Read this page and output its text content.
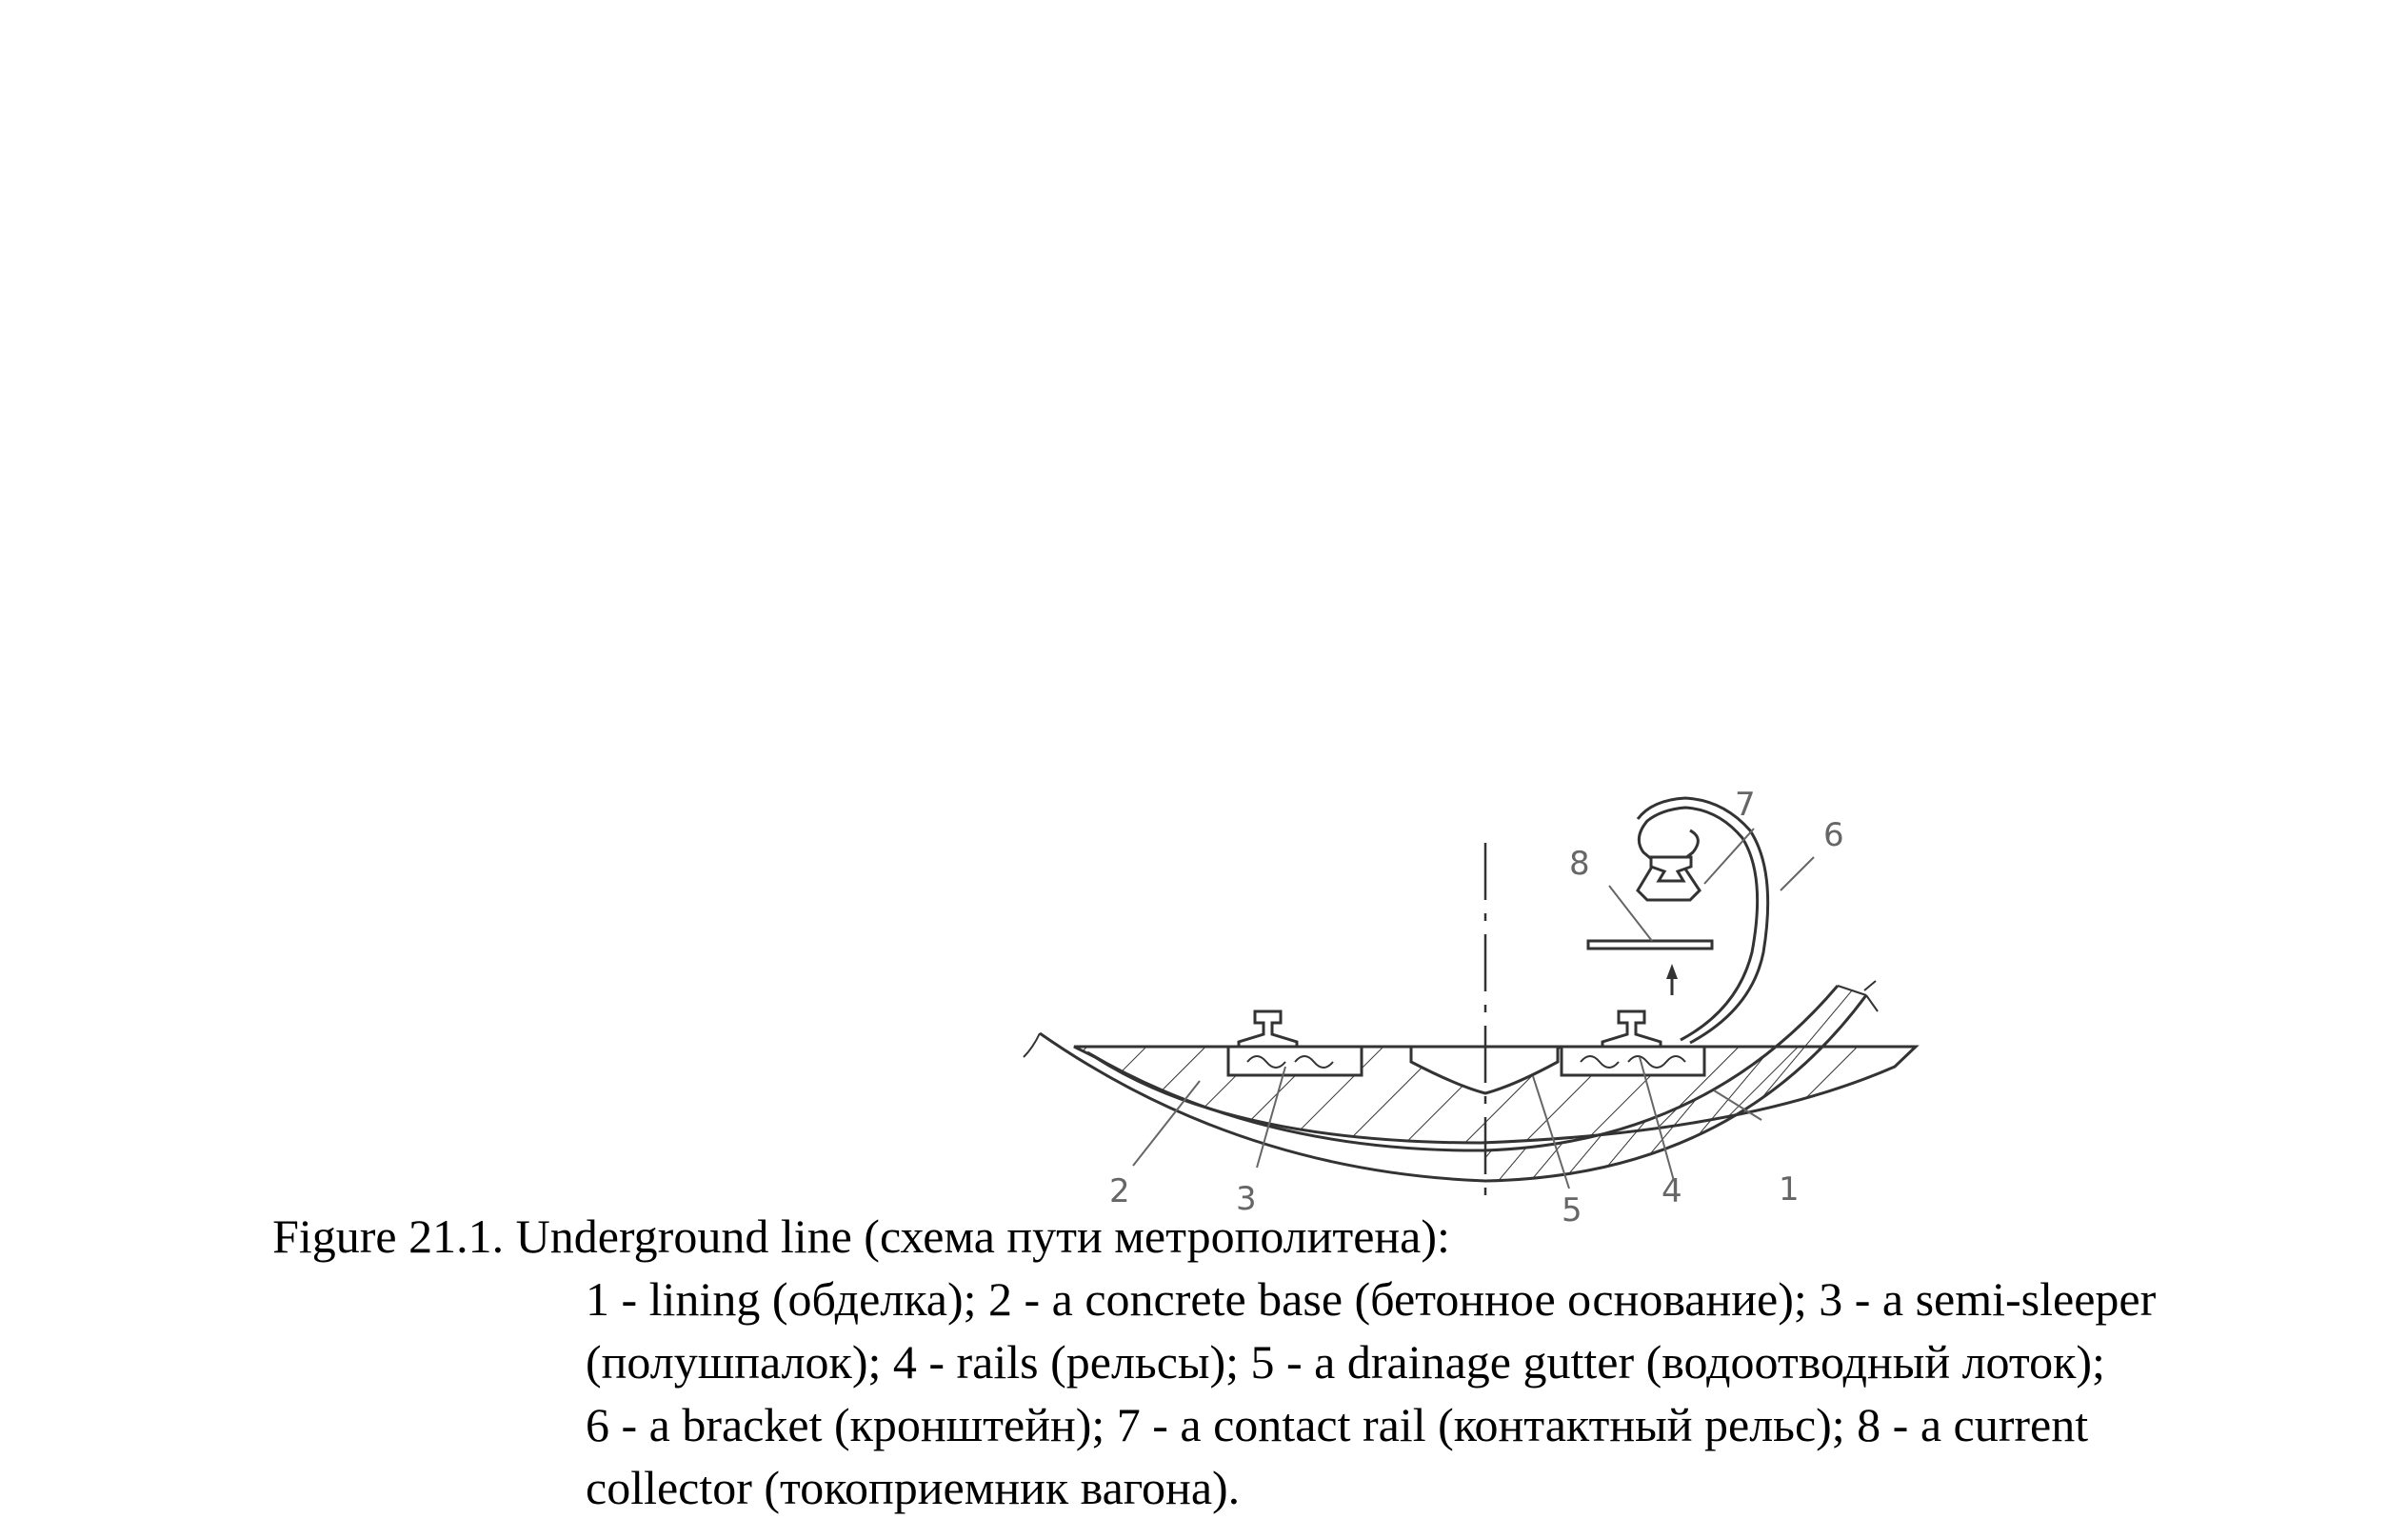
1
2	3	4
5
6
7
8
Figure 21.1. Underground line (схема пути метрополитена):
1 - lining (обделка); 2 - a concrete base (бетонное основание); 3 - a semi-sleeper
(полушпалок); 4 - rails (рельсы); 5 - a drainage gutter (водоотводный лоток);
6 - a bracket (кронштейн); 7 - a contact rail (контактный рельс); 8 - a current
collector (токоприемник вагона).
